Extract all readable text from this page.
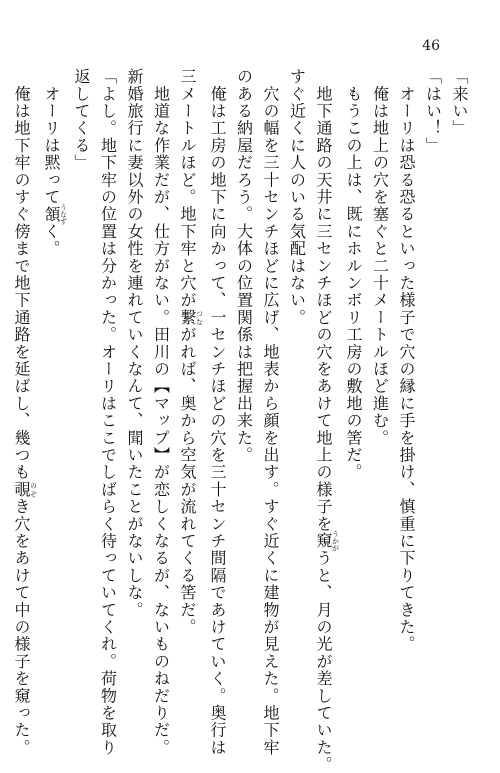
46
「来い」
「はい！」
　オーリは恐る恐るといった様子で穴の縁に手を掛け、慎重に下りてきた。
　俺は地上の穴を塞ぐと二十メートルほど進む。
　もうこの上は、既にホルンボリ工房の敷地の筈だ。
　地下通路の天井に三センチほどの穴をあけて地上の様子を窺うかがうと、月の光が差していた。
すぐ近くに人のいる気配はない。
　穴の幅を三十センチほどに広げ、地表から顔を出す。すぐ近くに建物が見えた。地下牢
のある納屋だろう。大体の位置関係は把握出来た。
　俺は工房の地下に向かって、一センチほどの穴を三十センチ間隔であけていく。奥行は
三メートルほど。地下牢と穴が繋つながれば、奥から空気が流れてくる筈だ。
　地道な作業だが、仕方がない。田川の【マップ】が恋しくなるが、ないものねだりだ。
新婚旅行に妻以外の女性を連れていくなんて、聞いたことがないしな。
「よし。地下牢の位置は分かった。オーリはここでしばらく待っていてくれ。荷物を取り
返してくる」
　オーリは黙って頷うなずく。
　俺は地下牢のすぐ傍まで地下通路を延ばし、幾つも覗のぞき穴をあけて中の様子を窺った。
